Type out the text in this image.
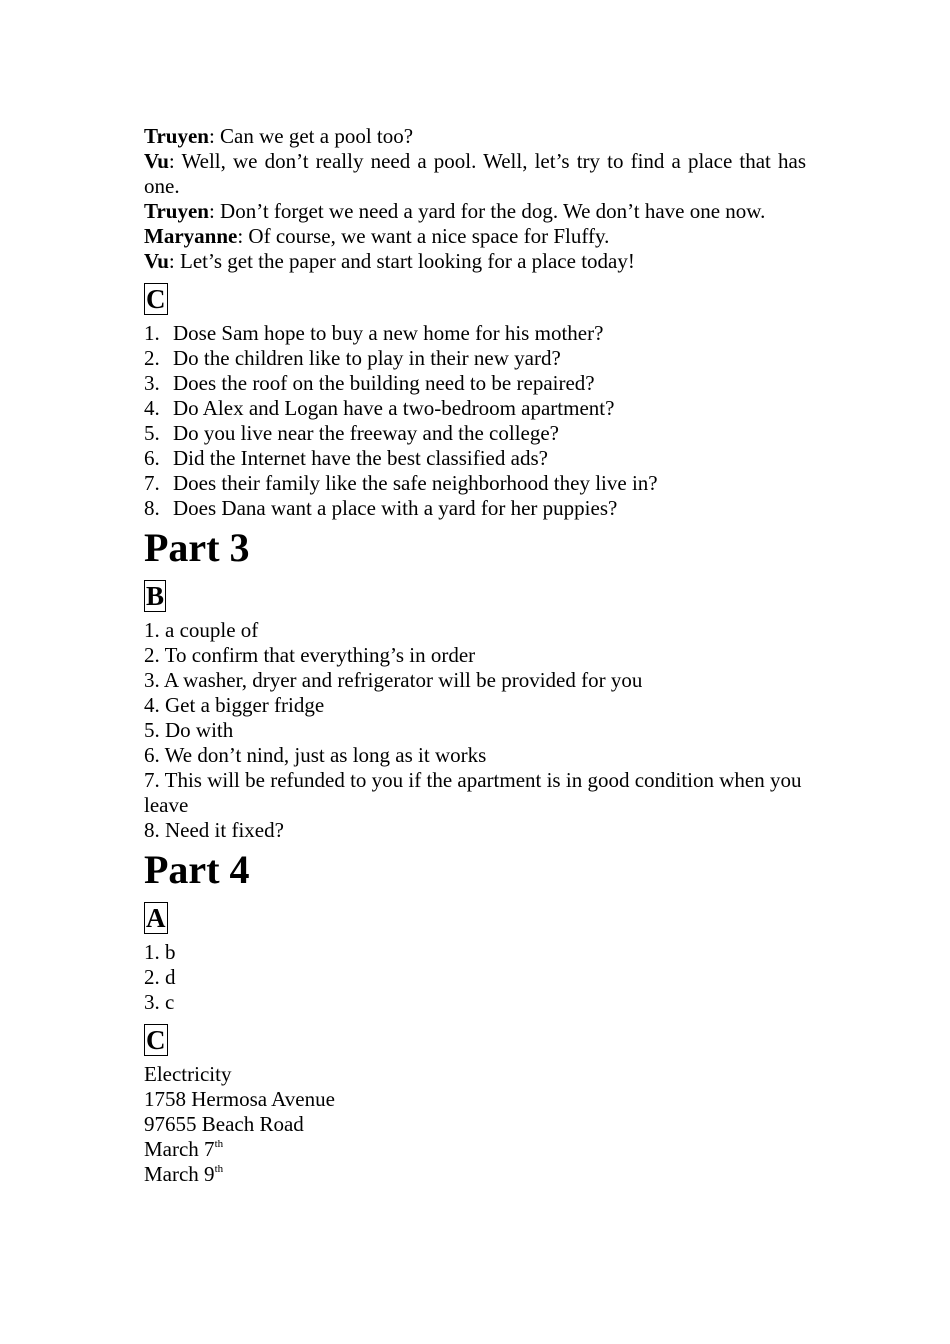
Truyen: Can we get a pool too?

Vu: Well, we don’t really need a pool. Well, let’s try to find a place that has one.

Truyen: Don’t forget we need a yard for the dog. We don’t have one now.

Maryanne: Of course, we want a nice space for Fluffy.

Vu: Let’s get the paper and start looking for a place today!

C
1. Dose Sam hope to buy a new home for his mother?
2. Do the children like to play in their new yard?
3. Does the roof on the building need to be repaired?
4. Do Alex and Logan have a two-bedroom apartment?
5. Do you live near the freeway and the college?
6. Did the Internet have the best classified ads?
7. Does their family like the safe neighborhood they live in?
8. Does Dana want a place with a yard for her puppies?
Part 3
B
1. a couple of
2. To confirm that everything’s in order
3. A washer, dryer and refrigerator will be provided for you
4. Get a bigger fridge
5. Do with
6. We don’t nind, just as long as it works
7. This will be refunded to you if the apartment is in good condition when you leave
8. Need it fixed?
Part 4
A
1. b
2. d
3. c
C
Electricity
1758 Hermosa Avenue
97655 Beach Road
March 7th
March 9th
